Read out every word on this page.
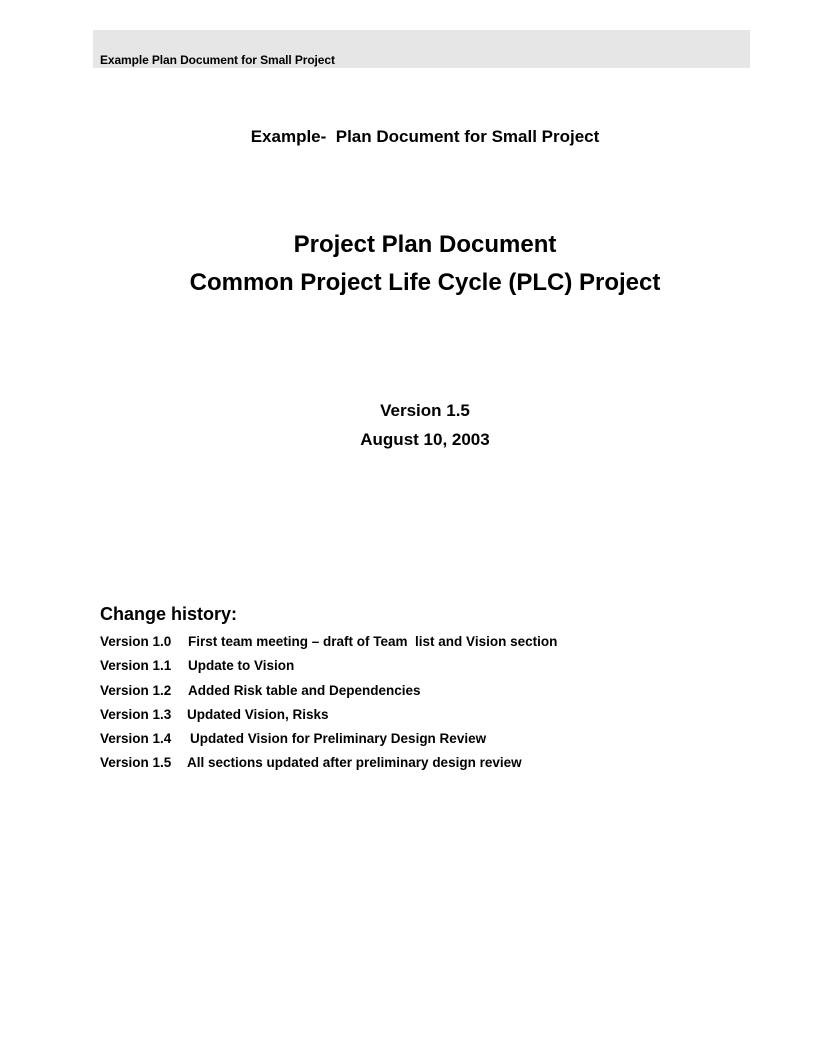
Example Plan Document for Small Project
Example-  Plan Document for Small Project
Project Plan Document
Common Project Life Cycle (PLC) Project
Version 1.5
August 10, 2003
Change history:
Version 1.0	First team meeting – draft of Team  list and Vision section
Version 1.1	Update to Vision
Version 1.2	Added Risk table and Dependencies
Version 1.3	Updated Vision, Risks
Version 1.4	Updated Vision for Preliminary Design Review
Version 1.5	All sections updated after preliminary design review
